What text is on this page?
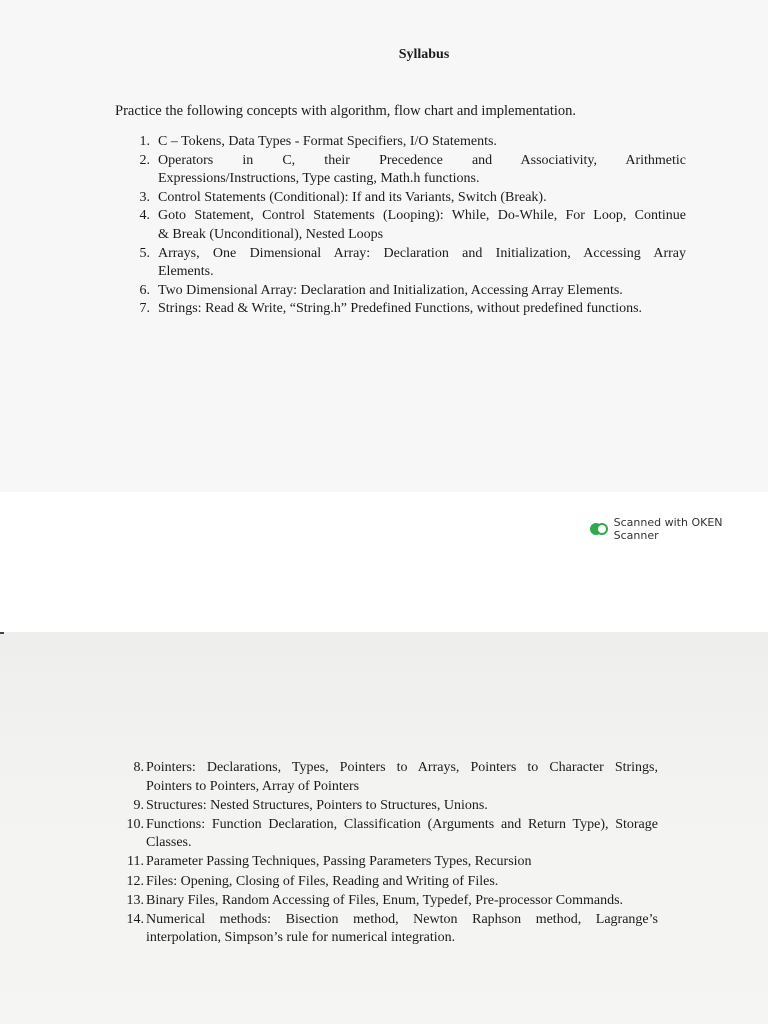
Syllabus
Practice the following concepts with algorithm, flow chart and implementation.
1. C – Tokens, Data Types - Format Specifiers, I/O Statements.
2. Operators in C, their Precedence and Associativity, Arithmetic
Expressions/Instructions, Type casting, Math.h functions.
3. Control Statements (Conditional): If and its Variants, Switch (Break).
4. Goto Statement, Control Statements (Looping): While, Do-While, For Loop, Continue
& Break (Unconditional), Nested Loops
5. Arrays, One Dimensional Array: Declaration and Initialization, Accessing Array
Elements.
6. Two Dimensional Array: Declaration and Initialization, Accessing Array Elements.
7. Strings: Read & Write, “String.h” Predefined Functions, without predefined functions.
Scanned with OKEN Scanner
8. Pointers: Declarations, Types, Pointers to Arrays, Pointers to Character Strings,
Pointers to Pointers, Array of Pointers
9. Structures: Nested Structures, Pointers to Structures, Unions.
10. Functions: Function Declaration, Classification (Arguments and Return Type), Storage
Classes.
11. Parameter Passing Techniques, Passing Parameters Types, Recursion
12. Files: Opening, Closing of Files, Reading and Writing of Files.
13. Binary Files, Random Accessing of Files, Enum, Typedef, Pre-processor Commands.
14. Numerical methods: Bisection method, Newton Raphson method, Lagrange’s
interpolation, Simpson’s rule for numerical integration.
